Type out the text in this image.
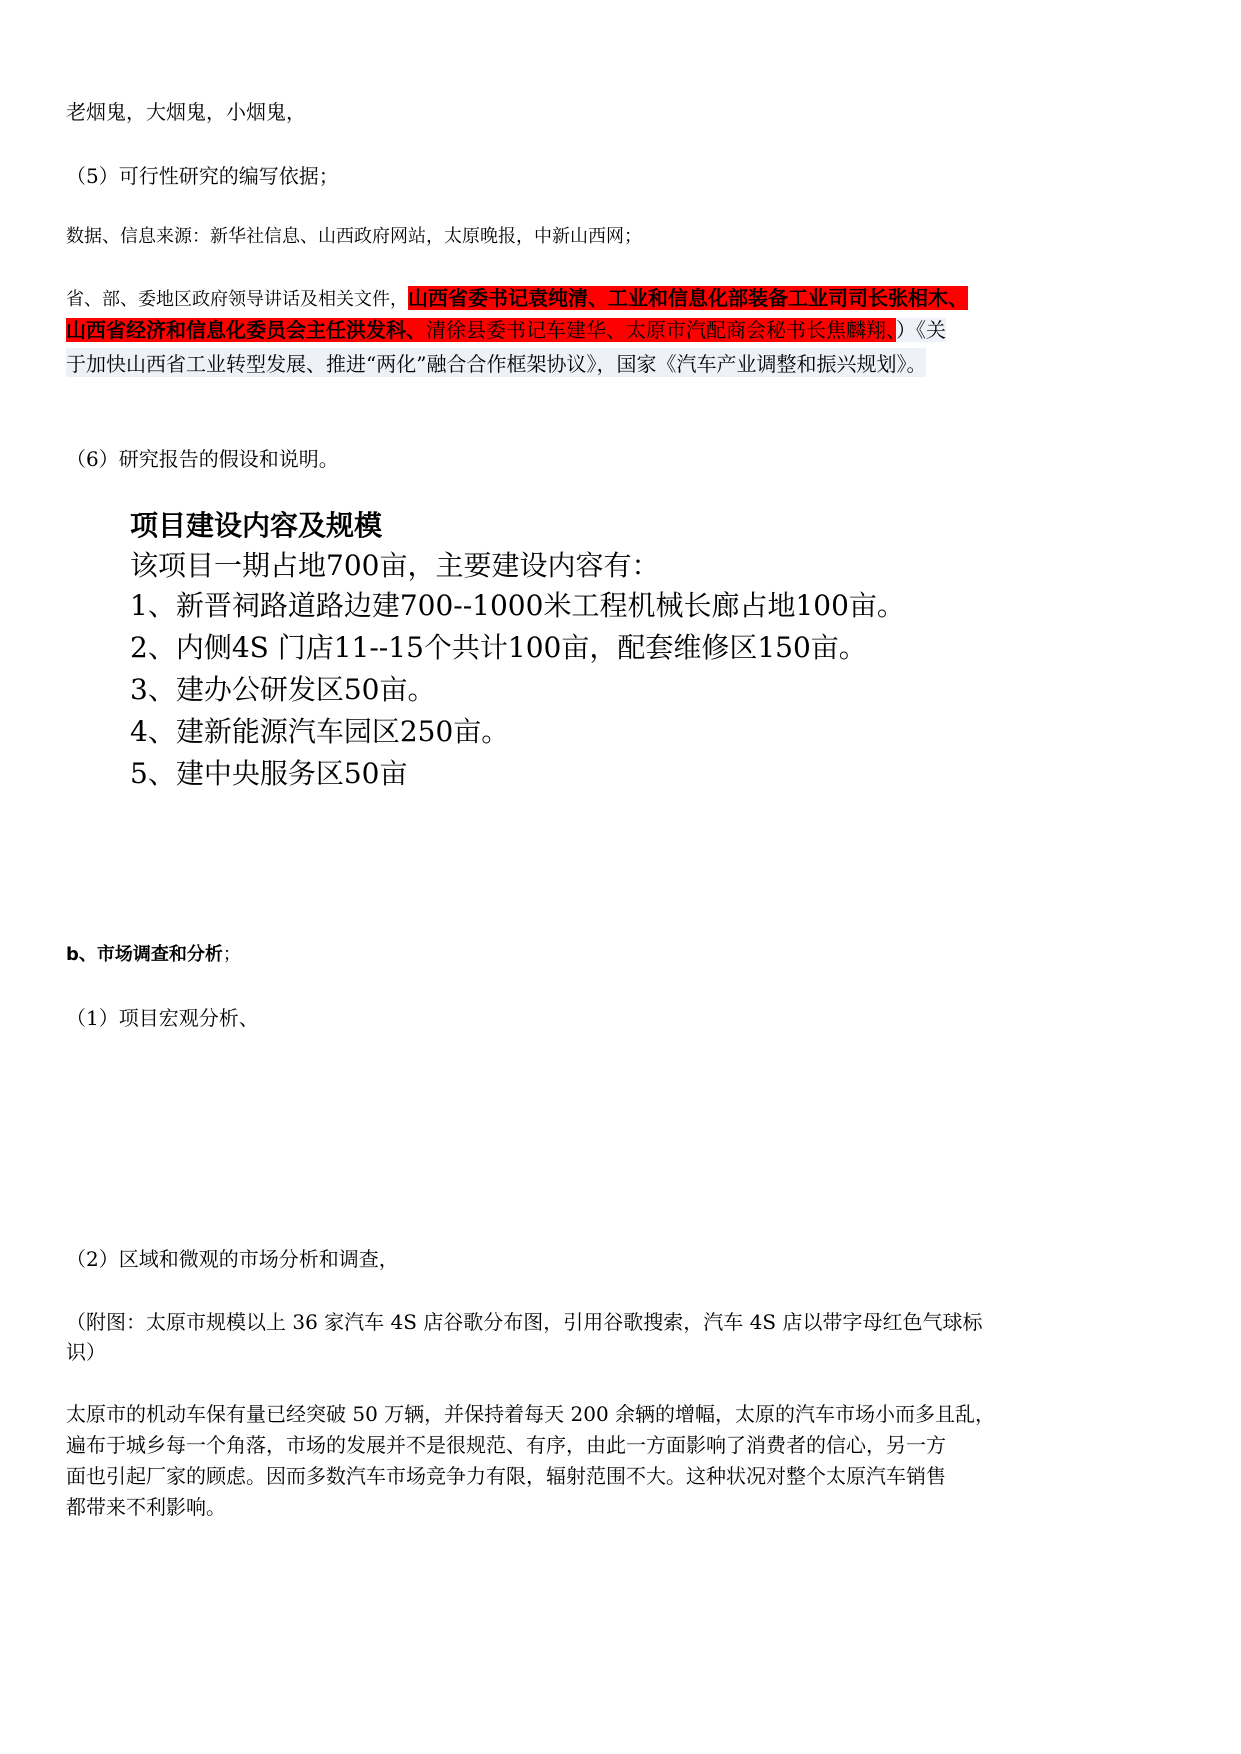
老烟鬼，大烟鬼，小烟鬼，
（5）可行性研究的编写依据；
数据、信息来源：新华社信息、山西政府网站，太原晚报，中新山西网；
省、部、委地区政府领导讲话及相关文件，山西省委书记袁纯清、工业和信息化部装备工业司司长张相木、
山西省经济和信息化委员会主任洪发科、清徐县委书记车建华、太原市汽配商会秘书长焦麟翔、）《关
于加快山西省工业转型发展、推进“两化”融合合作框架协议》，国家《汽车产业调整和振兴规划》。
（6）研究报告的假设和说明。
项目建设内容及规模
该项目一期占地700亩，主要建设内容有：
1、新晋祠路道路边建700--1000米工程机械长廊占地100亩。
2、内侧4S 门店11--15个共计100亩，配套维修区150亩。
3、建办公研发区50亩。
4、建新能源汽车园区250亩。
5、建中央服务区50亩
b、市场调查和分析；
（1）项目宏观分析、
（2）区域和微观的市场分析和调查，
（附图：太原市规模以上 36 家汽车 4S 店谷歌分布图，引用谷歌搜索，汽车 4S 店以带字母红色气球标
识）
太原市的机动车保有量已经突破 50 万辆，并保持着每天 200 余辆的增幅，太原的汽车市场小而多且乱，
遍布于城乡每一个角落，市场的发展并不是很规范、有序，由此一方面影响了消费者的信心，另一方
面也引起厂家的顾虑。因而多数汽车市场竞争力有限，辐射范围不大。这种状况对整个太原汽车销售
都带来不利影响。
